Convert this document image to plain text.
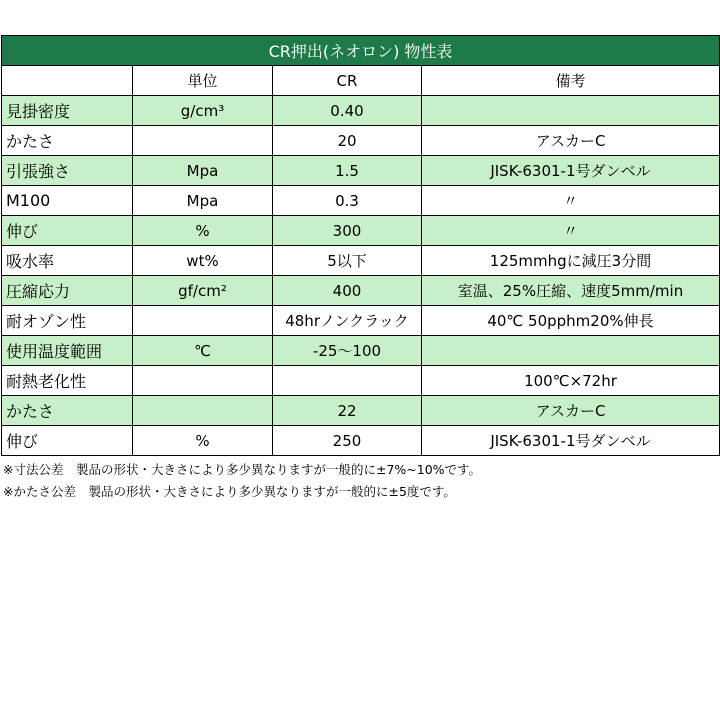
CR押出(ネオロン) 物性表			
	単位	CR	備考
見掛密度	g/cm³	0.40	
かたさ		20	アスカーC
引張強さ	Mpa	1.5	JISK-6301-1号ダンベル
M100	Mpa	0.3	〃
伸び	%	300	〃
吸水率	wt%	5以下	125mmhgに減圧3分間
圧縮応力	gf/cm²	400	室温、25%圧縮、速度5mm/min
耐オゾン性		48hrノンクラック	40℃ 50pphm20%伸長
使用温度範囲	℃	-25～100	
耐熱老化性			100℃×72hr
かたさ		22	アスカーC
伸び	%	250	JISK-6301-1号ダンベル
※寸法公差　製品の形状・大きさにより多少異なりますが一般的に±7%~10%です。
※かたさ公差　製品の形状・大きさにより多少異なりますが一般的に±5度です。
